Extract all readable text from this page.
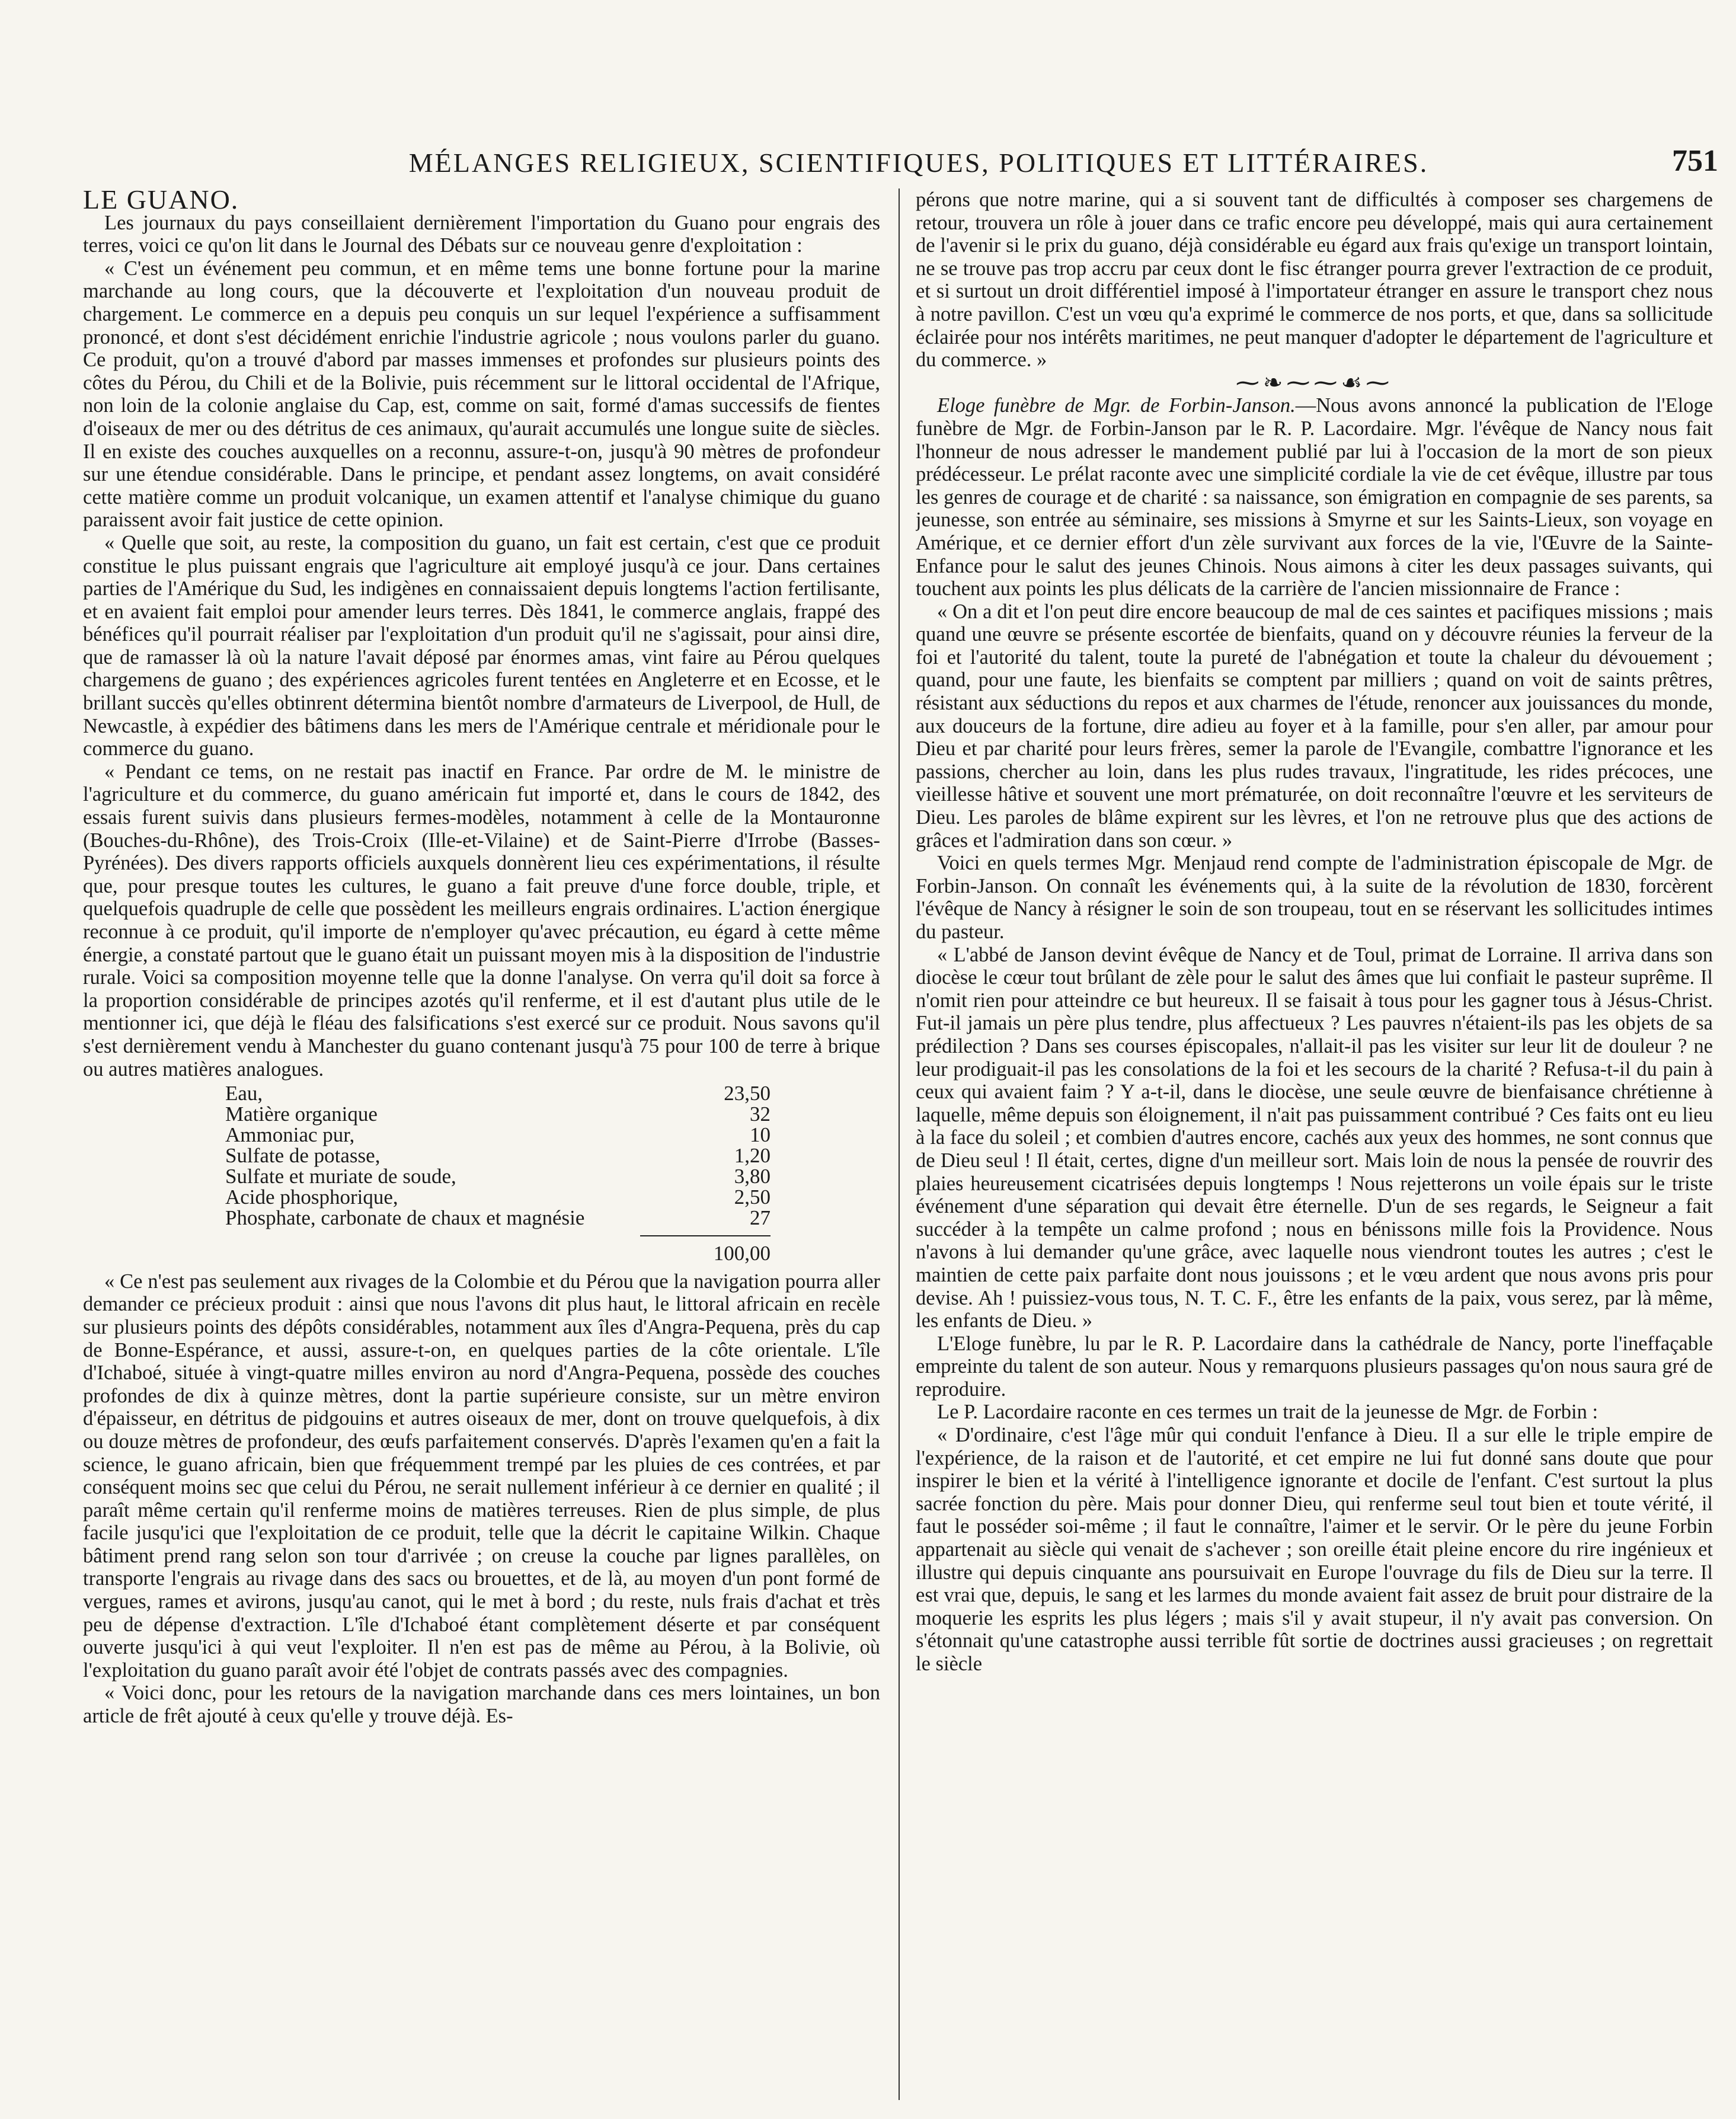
MÉLANGES RELIGIEUX, SCIENTIFIQUES, POLITIQUES ET LITTÉRAIRES.	751

LE GUANO.

Les journaux du pays conseillaient dernièrement l'importation du Guano pour engrais des terres, voici ce qu'on lit dans le Journal des Débats sur ce nouveau genre d'exploitation :

« C'est un événement peu commun, et en même tems une bonne fortune pour la marine marchande au long cours, que la découverte et l'exploitation d'un nouveau produit de chargement. Le commerce en a depuis peu conquis un sur lequel l'expérience a suffisamment prononcé, et dont s'est décidément enrichie l'industrie agricole ; nous voulons parler du guano. Ce produit, qu'on a trouvé d'abord par masses immenses et profondes sur plusieurs points des côtes du Pérou, du Chili et de la Bolivie, puis récemment sur le littoral occidental de l'Afrique, non loin de la colonie anglaise du Cap, est, comme on sait, formé d'amas successifs de fientes d'oiseaux de mer ou des détritus de ces animaux, qu'aurait accumulés une longue suite de siècles. Il en existe des couches auxquelles on a reconnu, assure-t-on, jusqu'à 90 mètres de profondeur sur une étendue considérable. Dans le principe, et pendant assez longtems, on avait considéré cette matière comme un produit volcanique, un examen attentif et l'analyse chimique du guano paraissent avoir fait justice de cette opinion.

« Quelle que soit, au reste, la composition du guano, un fait est certain, c'est que ce produit constitue le plus puissant engrais que l'agriculture ait employé jusqu'à ce jour. Dans certaines parties de l'Amérique du Sud, les indigènes en connaissaient depuis longtems l'action fertilisante, et en avaient fait emploi pour amender leurs terres. Dès 1841, le commerce anglais, frappé des bénéfices qu'il pourrait réaliser par l'exploitation d'un produit qu'il ne s'agissait, pour ainsi dire, que de ramasser là où la nature l'avait déposé par énormes amas, vint faire au Pérou quelques chargemens de guano ; des expériences agricoles furent tentées en Angleterre et en Ecosse, et le brillant succès qu'elles obtinrent détermina bientôt nombre d'armateurs de Liverpool, de Hull, de Newcastle, à expédier des bâtimens dans les mers de l'Amérique centrale et méridionale pour le commerce du guano.

« Pendant ce tems, on ne restait pas inactif en France. Par ordre de M. le ministre de l'agriculture et du commerce, du guano américain fut importé et, dans le cours de 1842, des essais furent suivis dans plusieurs fermes-modèles, notamment à celle de la Montauronne (Bouches-du-Rhône), des Trois-Croix (Ille-et-Vilaine) et de Saint-Pierre d'Irrobe (Basses-Pyrénées). Des divers rapports officiels auxquels donnèrent lieu ces expérimentations, il résulte que, pour presque toutes les cultures, le guano a fait preuve d'une force double, triple, et quelquefois quadruple de celle que possèdent les meilleurs engrais ordinaires. L'action énergique reconnue à ce produit, qu'il importe de n'employer qu'avec précaution, eu égard à cette même énergie, a constaté partout que le guano était un puissant moyen mis à la disposition de l'industrie rurale. Voici sa composition moyenne telle que la donne l'analyse. On verra qu'il doit sa force à la proportion considérable de principes azotés qu'il renferme, et il est d'autant plus utile de le mentionner ici, que déjà le fléau des falsifications s'est exercé sur ce produit. Nous savons qu'il s'est dernièrement vendu à Manchester du guano contenant jusqu'à 75 pour 100 de terre à brique ou autres matières analogues.

Eau,	23,50
Matière organique	32
Ammoniac pur,	10
Sulfate de potasse,	1,20
Sulfate et muriate de soude,	3,80
Acide phosphorique,	2,50
Phosphate, carbonate de chaux et magnésie	27
100,00

« Ce n'est pas seulement aux rivages de la Colombie et du Pérou que la navigation pourra aller demander ce précieux produit : ainsi que nous l'avons dit plus haut, le littoral africain en recèle sur plusieurs points des dépôts considérables, notamment aux îles d'Angra-Pequena, près du cap de Bonne-Espérance, et aussi, assure-t-on, en quelques parties de la côte orientale. L'île d'Ichaboé, située à vingt-quatre milles environ au nord d'Angra-Pequena, possède des couches profondes de dix à quinze mètres, dont la partie supérieure consiste, sur un mètre environ d'épaisseur, en détritus de pidgouins et autres oiseaux de mer, dont on trouve quelquefois, à dix ou douze mètres de profondeur, des œufs parfaitement conservés. D'après l'examen qu'en a fait la science, le guano africain, bien que fréquemment trempé par les pluies de ces contrées, et par conséquent moins sec que celui du Pérou, ne serait nullement inférieur à ce dernier en qualité ; il paraît même certain qu'il renferme moins de matières terreuses. Rien de plus simple, de plus facile jusqu'ici que l'exploitation de ce produit, telle que la décrit le capitaine Wilkin. Chaque bâtiment prend rang selon son tour d'arrivée ; on creuse la couche par lignes parallèles, on transporte l'engrais au rivage dans des sacs ou brouettes, et de là, au moyen d'un pont formé de vergues, rames et avirons, jusqu'au canot, qui le met à bord ; du reste, nuls frais d'achat et très peu de dépense d'extraction. L'île d'Ichaboé étant complètement déserte et par conséquent ouverte jusqu'ici à qui veut l'exploiter. Il n'en est pas de même au Pérou, à la Bolivie, où l'exploitation du guano paraît avoir été l'objet de contrats passés avec des compagnies.

« Voici donc, pour les retours de la navigation marchande dans ces mers lointaines, un bon article de frêt ajouté à ceux qu'elle y trouve déjà. Es-

pérons que notre marine, qui a si souvent tant de difficultés à composer ses chargemens de retour, trouvera un rôle à jouer dans ce trafic encore peu développé, mais qui aura certainement de l'avenir si le prix du guano, déjà considérable eu égard aux frais qu'exige un transport lointain, ne se trouve pas trop accru par ceux dont le fisc étranger pourra grever l'extraction de ce produit, et si surtout un droit différentiel imposé à l'importateur étranger en assure le transport chez nous à notre pavillon. C'est un vœu qu'a exprimé le commerce de nos ports, et que, dans sa sollicitude éclairée pour nos intérêts maritimes, ne peut manquer d'adopter le département de l'agriculture et du commerce. »

⁓❧⁓⁓☙⁓

Eloge funèbre de Mgr. de Forbin-Janson.—Nous avons annoncé la publication de l'Eloge funèbre de Mgr. de Forbin-Janson par le R. P. Lacordaire. Mgr. l'évêque de Nancy nous fait l'honneur de nous adresser le mandement publié par lui à l'occasion de la mort de son pieux prédécesseur. Le prélat raconte avec une simplicité cordiale la vie de cet évêque, illustre par tous les genres de courage et de charité : sa naissance, son émigration en compagnie de ses parents, sa jeunesse, son entrée au séminaire, ses missions à Smyrne et sur les Saints-Lieux, son voyage en Amérique, et ce dernier effort d'un zèle survivant aux forces de la vie, l'Œuvre de la Sainte-Enfance pour le salut des jeunes Chinois. Nous aimons à citer les deux passages suivants, qui touchent aux points les plus délicats de la carrière de l'ancien missionnaire de France :

« On a dit et l'on peut dire encore beaucoup de mal de ces saintes et pacifiques missions ; mais quand une œuvre se présente escortée de bienfaits, quand on y découvre réunies la ferveur de la foi et l'autorité du talent, toute la pureté de l'abnégation et toute la chaleur du dévouement ; quand, pour une faute, les bienfaits se comptent par milliers ; quand on voit de saints prêtres, résistant aux séductions du repos et aux charmes de l'étude, renoncer aux jouissances du monde, aux douceurs de la fortune, dire adieu au foyer et à la famille, pour s'en aller, par amour pour Dieu et par charité pour leurs frères, semer la parole de l'Evangile, combattre l'ignorance et les passions, chercher au loin, dans les plus rudes travaux, l'ingratitude, les rides précoces, une vieillesse hâtive et souvent une mort prématurée, on doit reconnaître l'œuvre et les serviteurs de Dieu. Les paroles de blâme expirent sur les lèvres, et l'on ne retrouve plus que des actions de grâces et l'admiration dans son cœur. »

Voici en quels termes Mgr. Menjaud rend compte de l'administration épiscopale de Mgr. de Forbin-Janson. On connaît les événements qui, à la suite de la révolution de 1830, forcèrent l'évêque de Nancy à résigner le soin de son troupeau, tout en se réservant les sollicitudes intimes du pasteur.

« L'abbé de Janson devint évêque de Nancy et de Toul, primat de Lorraine. Il arriva dans son diocèse le cœur tout brûlant de zèle pour le salut des âmes que lui confiait le pasteur suprême. Il n'omit rien pour atteindre ce but heureux. Il se faisait à tous pour les gagner tous à Jésus-Christ. Fut-il jamais un père plus tendre, plus affectueux ? Les pauvres n'étaient-ils pas les objets de sa prédilection ? Dans ses courses épiscopales, n'allait-il pas les visiter sur leur lit de douleur ? ne leur prodiguait-il pas les consolations de la foi et les secours de la charité ? Refusa-t-il du pain à ceux qui avaient faim ? Y a-t-il, dans le diocèse, une seule œuvre de bienfaisance chrétienne à laquelle, même depuis son éloignement, il n'ait pas puissamment contribué ? Ces faits ont eu lieu à la face du soleil ; et combien d'autres encore, cachés aux yeux des hommes, ne sont connus que de Dieu seul ! Il était, certes, digne d'un meilleur sort. Mais loin de nous la pensée de rouvrir des plaies heureusement cicatrisées depuis longtemps ! Nous rejetterons un voile épais sur le triste événement d'une séparation qui devait être éternelle. D'un de ses regards, le Seigneur a fait succéder à la tempête un calme profond ; nous en bénissons mille fois la Providence. Nous n'avons à lui demander qu'une grâce, avec laquelle nous viendront toutes les autres ; c'est le maintien de cette paix parfaite dont nous jouissons ; et le vœu ardent que nous avons pris pour devise. Ah ! puissiez-vous tous, N. T. C. F., être les enfants de la paix, vous serez, par là même, les enfants de Dieu. »

L'Eloge funèbre, lu par le R. P. Lacordaire dans la cathédrale de Nancy, porte l'ineffaçable empreinte du talent de son auteur. Nous y remarquons plusieurs passages qu'on nous saura gré de reproduire.

Le P. Lacordaire raconte en ces termes un trait de la jeunesse de Mgr. de Forbin :

« D'ordinaire, c'est l'âge mûr qui conduit l'enfance à Dieu. Il a sur elle le triple empire de l'expérience, de la raison et de l'autorité, et cet empire ne lui fut donné sans doute que pour inspirer le bien et la vérité à l'intelligence ignorante et docile de l'enfant. C'est surtout la plus sacrée fonction du père. Mais pour donner Dieu, qui renferme seul tout bien et toute vérité, il faut le posséder soi-même ; il faut le connaître, l'aimer et le servir. Or le père du jeune Forbin appartenait au siècle qui venait de s'achever ; son oreille était pleine encore du rire ingénieux et illustre qui depuis cinquante ans poursuivait en Europe l'ouvrage du fils de Dieu sur la terre. Il est vrai que, depuis, le sang et les larmes du monde avaient fait assez de bruit pour distraire de la moquerie les esprits les plus légers ; mais s'il y avait stupeur, il n'y avait pas conversion. On s'étonnait qu'une catastrophe aussi terrible fût sortie de doctrines aussi gracieuses ; on regrettait le siècle
